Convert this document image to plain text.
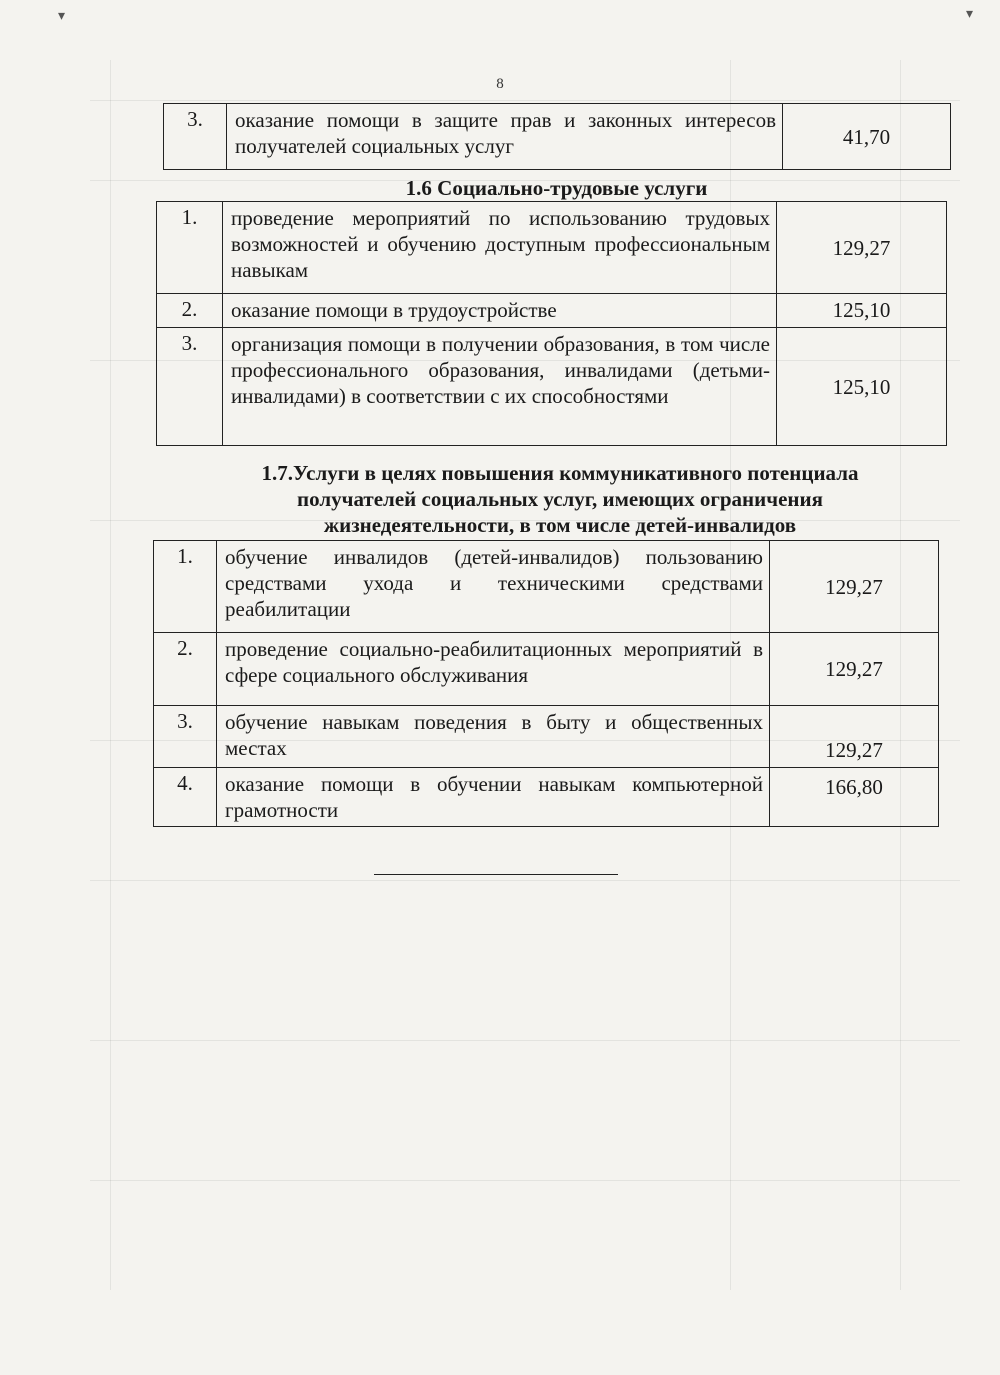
▾	▾
8
3.	оказание помощи в защите прав и законных интересов получателей социальных услуг	41,70
1.6 Социально-трудовые услуги
1.	проведение мероприятий по использованию трудовых возможностей и обучению доступным профессиональным навыкам	129,27
2.	оказание помощи в трудоустройстве	125,10
3.	организация помощи в получении образования, в том числе профессионального образования, инвалидами (детьми-инвалидами) в соответствии с их способностями	125,10
1.7.Услуги в целях повышения коммуникативного потенциала получателей социальных услуг, имеющих ограничения жизнедеятельности, в том числе детей-инвалидов
1.	обучение инвалидов (детей-инвалидов) пользованию средствами ухода и техническими средствами реабилитации	129,27
2.	проведение социально-реабилитационных мероприятий в сфере социального обслуживания	129,27
3.	обучение навыкам поведения в быту и общественных местах	129,27
4.	оказание помощи в обучении навыкам компьютерной грамотности	166,80
